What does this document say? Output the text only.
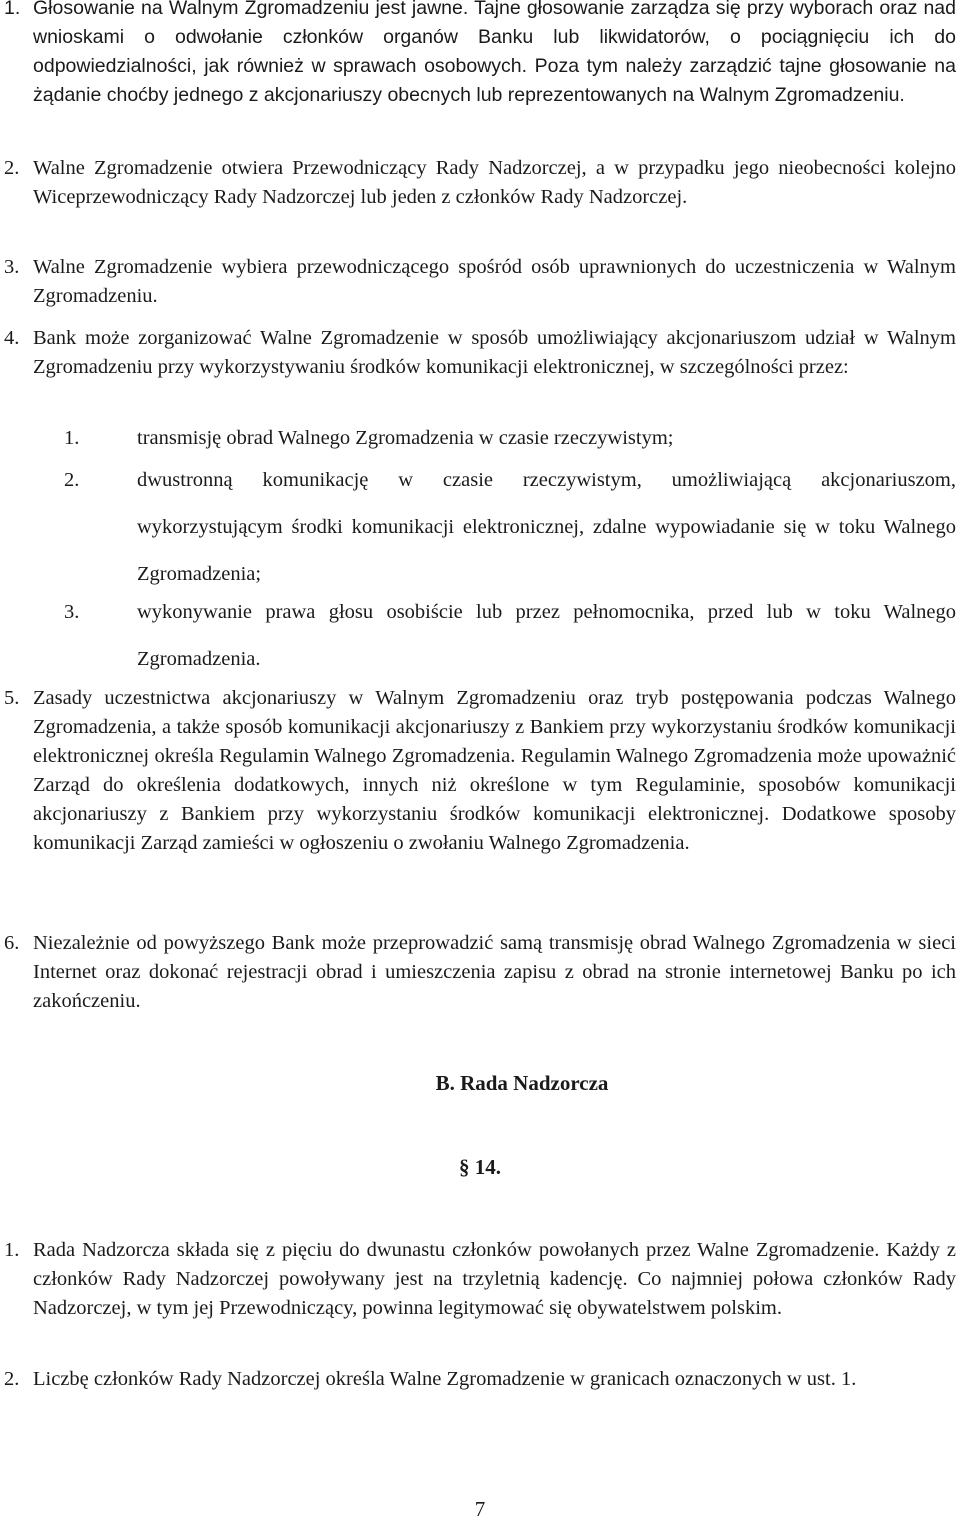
1. Głosowanie na Walnym Zgromadzeniu jest jawne. Tajne głosowanie zarządza się przy wyborach oraz nad wnioskami o odwołanie członków organów Banku lub likwidatorów, o pociągnięciu ich do odpowiedzialności, jak również w sprawach osobowych. Poza tym należy zarządzić tajne głosowanie na żądanie choćby jednego z akcjonariuszy obecnych lub reprezentowanych na Walnym Zgromadzeniu.
2. Walne Zgromadzenie otwiera Przewodniczący Rady Nadzorczej, a w przypadku jego nieobecności kolejno Wiceprzewodniczący Rady Nadzorczej lub jeden z członków Rady Nadzorczej.
3. Walne Zgromadzenie wybiera przewodniczącego spośród osób uprawnionych do uczestniczenia w Walnym Zgromadzeniu.
4. Bank może zorganizować Walne Zgromadzenie w sposób umożliwiający akcjonariuszom udział w Walnym Zgromadzeniu przy wykorzystywaniu środków komunikacji elektronicznej, w szczególności przez:
1.	transmisję obrad Walnego Zgromadzenia w czasie rzeczywistym;
2.	dwustronną komunikację w czasie rzeczywistym, umożliwiającą akcjonariuszom, wykorzystującym środki komunikacji elektronicznej, zdalne wypowiadanie się w toku Walnego Zgromadzenia;
3.	wykonywanie prawa głosu osobiście lub przez pełnomocnika, przed lub w toku Walnego Zgromadzenia.
5. Zasady uczestnictwa akcjonariuszy w Walnym Zgromadzeniu oraz tryb postępowania podczas Walnego Zgromadzenia, a także sposób komunikacji akcjonariuszy z Bankiem przy wykorzystaniu środków komunikacji elektronicznej określa Regulamin Walnego Zgromadzenia. Regulamin Walnego Zgromadzenia może upoważnić Zarząd do określenia dodatkowych, innych niż określone w tym Regulaminie, sposobów komunikacji akcjonariuszy z Bankiem przy wykorzystaniu środków komunikacji elektronicznej. Dodatkowe sposoby komunikacji Zarząd zamieści w ogłoszeniu o zwołaniu Walnego Zgromadzenia.
6. Niezależnie od powyższego Bank może przeprowadzić samą transmisję obrad Walnego Zgromadzenia w sieci Internet oraz dokonać rejestracji obrad i umieszczenia zapisu z obrad na stronie internetowej Banku po ich zakończeniu.
B. Rada Nadzorcza
§ 14.
1. Rada Nadzorcza składa się z pięciu do dwunastu członków powołanych przez Walne Zgromadzenie. Każdy z członków Rady Nadzorczej powoływany jest na trzyletnią kadencję. Co najmniej połowa członków Rady Nadzorczej, w tym jej Przewodniczący, powinna legitymować się obywatelstwem polskim.
2. Liczbę członków Rady Nadzorczej określa Walne Zgromadzenie w granicach oznaczonych w ust. 1.
7
